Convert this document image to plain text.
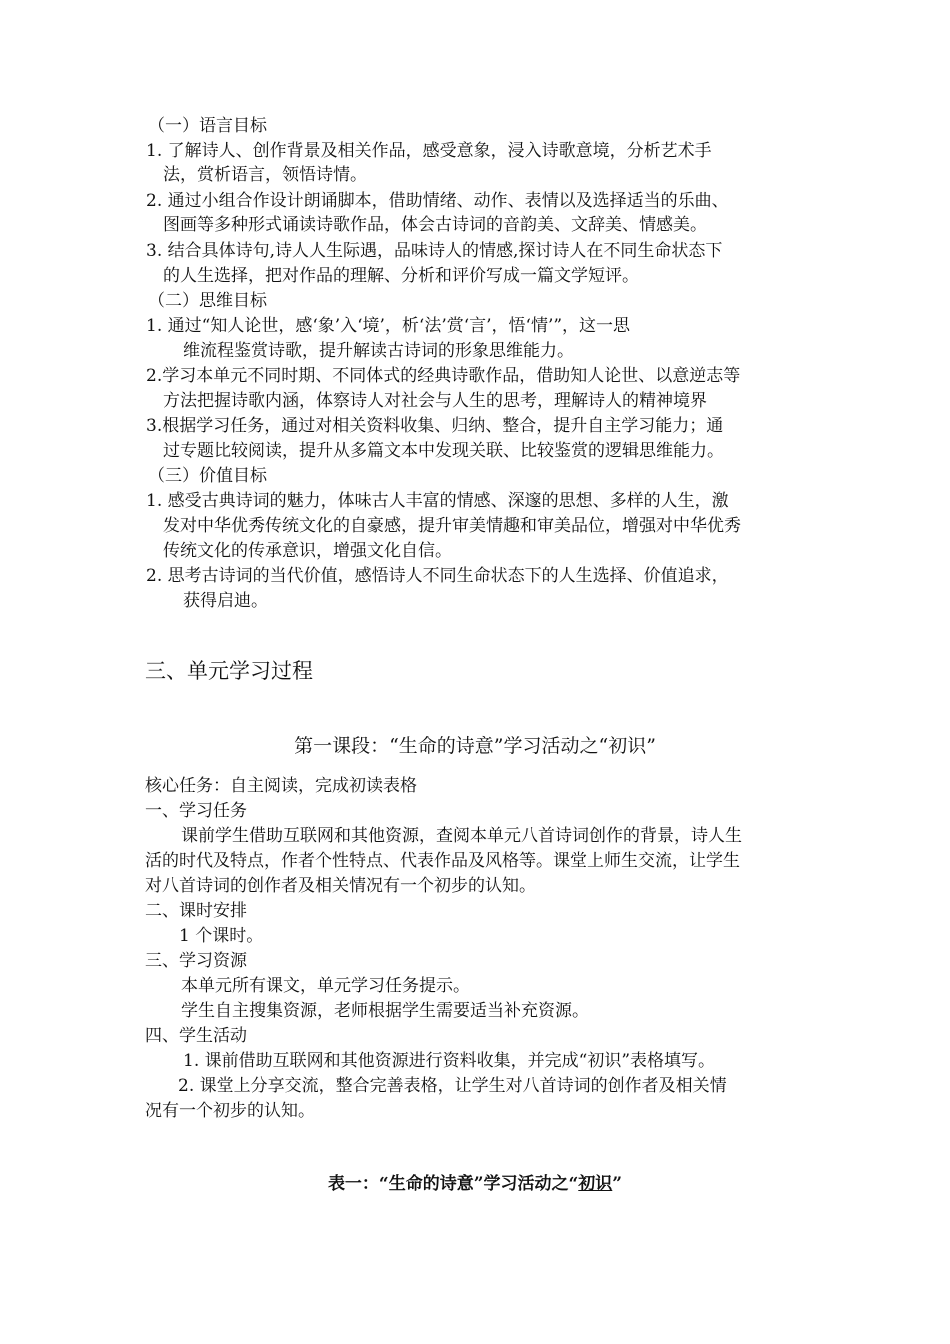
（一）语言目标
1. 了解诗人、创作背景及相关作品，感受意象，浸入诗歌意境，分析艺术手
法，赏析语言，领悟诗情。
2. 通过小组合作设计朗诵脚本，借助情绪、动作、表情以及选择适当的乐曲、
图画等多种形式诵读诗歌作品，体会古诗词的音韵美、文辞美、情感美。
3. 结合具体诗句,诗人人生际遇，品味诗人的情感,探讨诗人在不同生命状态下
的人生选择，把对作品的理解、分析和评价写成一篇文学短评。
（二）思维目标
1. 通过“知人论世，感‘象’入‘境’，析‘法’赏‘言’，悟‘情’”，这一思
维流程鉴赏诗歌，提升解读古诗词的形象思维能力。
2.学习本单元不同时期、不同体式的经典诗歌作品，借助知人论世、以意逆志等
方法把握诗歌内涵，体察诗人对社会与人生的思考，理解诗人的精神境界
3.根据学习任务，通过对相关资料收集、归纳、整合，提升自主学习能力；通
过专题比较阅读，提升从多篇文本中发现关联、比较鉴赏的逻辑思维能力。
（三）价值目标
1. 感受古典诗词的魅力，体味古人丰富的情感、深邃的思想、多样的人生，激
发对中华优秀传统文化的自豪感，提升审美情趣和审美品位，增强对中华优秀
传统文化的传承意识，增强文化自信。
2. 思考古诗词的当代价值，感悟诗人不同生命状态下的人生选择、价值追求，
获得启迪。
三、单元学习过程
第一课段：“生命的诗意”学习活动之“初识”
核心任务：自主阅读，完成初读表格
一、学习任务
课前学生借助互联网和其他资源，查阅本单元八首诗词创作的背景，诗人生
活的时代及特点，作者个性特点、代表作品及风格等。课堂上师生交流，让学生
对八首诗词的创作者及相关情况有一个初步的认知。
二、课时安排
1 个课时。
三、学习资源
本单元所有课文，单元学习任务提示。
学生自主搜集资源，老师根据学生需要适当补充资源。
四、学生活动
1. 课前借助互联网和其他资源进行资料收集，并完成“初识”表格填写。
2. 课堂上分享交流，整合完善表格，让学生对八首诗词的创作者及相关情
况有一个初步的认知。
表一：“生命的诗意”学习活动之“初识”
